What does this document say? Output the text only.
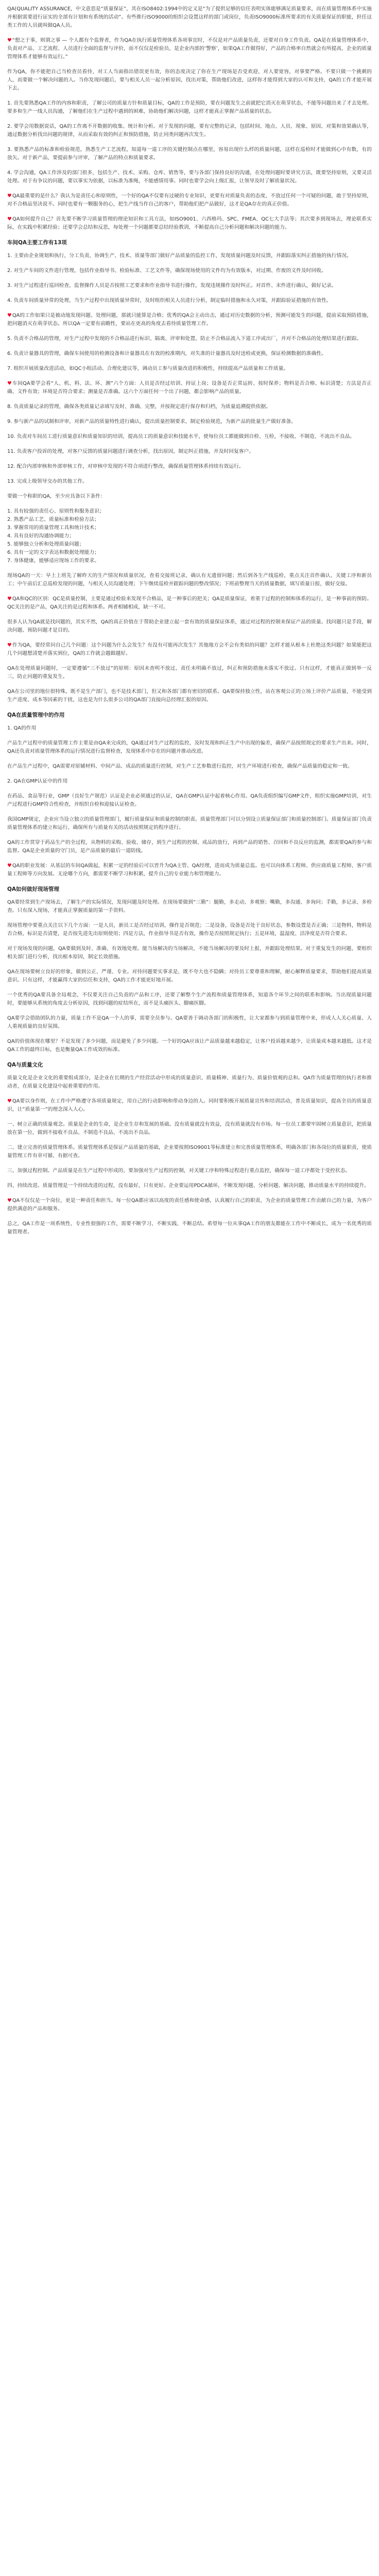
QA(QUALITY ASSURANCE，中文意思是“质量保证”，其在ISO8402:1994中的定义是“为了提供足够的信任表明实体能够满足质量要求，而在质量管理体系中实施并根据需要进行证实的全部有计划和有系统的活动”。有些推行ISO9000的组织会设置这样的部门或岗位，负责ISO9000标准所要求的有关质量保证的职能，担任这类工作的人员就叫做QA人员。

♥“想之于事，则谓之事 — 个人都有个监督者，作为QA在执行质量管理体系各项事宜时，不仅是对产品质量负责，还要对自身工作负责。QA是在质量管理体系中，负责对产品、工艺流程、人员进行全面的监督与评价，而不仅仅是检验员，是企业内部的‘警察’，如果QA工作做得好，产品的合格率自然就会有所提高，企业的质量管理体系才能够有效运行。”

作为QA，你不能把自己当检查员看待，对工人当面指出错误更有效，你的态度决定了你在生产现场是否受欢迎，对人要宽容，对事要严格。不要只做一个挑刺的人，而要做一个解决问题的人。当你发现问题后，要与相关人员一起分析原因，找出对策，帮助他们改进，这样你才能得到大家的认可和支持，QA的工作才能开展下去。

1. 首先要熟悉QA工作的内容和职责，了解公司的质量方针和质量目标，QA的工作是预防，要在问题发生之前就把它消灭在萌芽状态，不能等问题出来了才去处理。要多和生产一线人员沟通，了解他们在生产过程中遇到的困难，协助他们解决问题，这样才能真正掌握产品质量的状态。

2. 要学会用数据说话，QA的工作离不开数据的收集、统计和分析。对于发现的问题，要有完整的记录，包括时间、地点、人员、现象、原因、对策和效果确认等，通过数据分析找出问题的规律，从而采取有效的纠正和预防措施，防止同类问题再次发生。

3. 要熟悉产品的标准和检验规范，熟悉生产工艺流程，知道每一道工序的关键控制点在哪里，容易出现什么样的质量问题，这样在巡检时才能做到心中有数，有的放矢。对于新产品，要提前参与评审，了解产品的特点和质量要求。

4. 学会沟通，QA工作涉及的部门很多，包括生产、技术、采购、仓库、销售等，要与各部门保持良好的沟通，在处理问题时要讲究方法，既要坚持原则，又要灵活处理。对于有争议的问题，要以事实为依据，以标准为准绳，不能感情用事。同时也要学会向上级汇报，让领导及时了解质量状况。

♥QA最重要的是什么？我认为是责任心和原则性，一个好的QA不仅要有过硬的专业知识，更要有对质量负责的态度，不放过任何一个可疑的问题，敢于坚持原则，对不合格品坚决说不。同时也要有一颗服务的心，把生产线当作自己的客户，帮助他们把产品做好，这才是QA存在的真正价值。

♥QA如何提升自己？首先要不断学习质量管理的理论知识和工具方法，如ISO9001、六西格玛、SPC、FMEA、QC七大手法等；其次要多到现场去，理论联系实际，在实践中积累经验；还要学会总结和反思，每处理一个问题都要总结经验教训，不断提高自己分析问题和解决问题的能力。

车间QA主要工作有13项

1. 主要由企业规划和执行，分工负责，协调生产、技术、质量等部门做好产品质量的监控工作，发现质量问题及时反馈，并跟踪落实纠正措施的执行情况。

2. 对生产车间的文件进行管理，包括作业指导书、检验标准、工艺文件等，确保现场使用的文件均为有效版本，对过期、作废的文件及时回收。

3. 对生产过程进行巡回检查，监督操作人员是否按照工艺要求和作业指导书进行操作，发现违规操作及时纠正。对首件、末件进行确认，做好记录。

4. 负责车间质量异常的处理，当生产过程中出现质量异常时，及时组织相关人员进行分析，制定临时措施和永久对策，并跟踪验证措施的有效性。

♥QA的工作如果只是被动地发现问题、处理问题，那就只能算是合格；优秀的QA会主动出击，通过对历史数据的分析，预测可能发生的问题，提前采取预防措施，把问题消灭在萌芽状态。所以QA一定要有前瞻性，要站在更高的角度去看待质量管理工作。

5. 负责不合格品的管理，对生产过程中发现的不合格品进行标识、隔离、评审和处置，防止不合格品流入下道工序或出厂，并对不合格品的处理结果进行跟踪。

6. 负责计量器具的管理，确保车间使用的检测设备和计量器具在有效的校准期内，对失准的计量器具及时送检或更换，保证检测数据的准确性。

7. 组织开展质量改进活动，如QC小组活动、合理化建议等，调动员工参与质量改进的积极性，持续提高产品质量和工作质量。

♥车间QA要学会看“人、机、料、法、环、测”六个方面：人员是否经过培训、持证上岗；设备是否正常运转、按时保养；物料是否合格、标识清楚；方法是否正确、文件有效；环境是否符合要求；测量是否准确。这六个方面任何一个出了问题，都会影响产品的质量。

8. 负责质量记录的管理，确保各类质量记录填写及时、准确、完整，并按规定进行保存和归档，为质量追溯提供依据。

9. 参与新产品的试制和评审，对新产品的质量特性进行确认，提出质量控制要求，制定检验规范，为新产品的批量生产做好准备。

10. 负责对车间员工进行质量意识和质量知识的培训，提高员工的质量意识和技能水平，使每位员工都能做到自检、互检，不接收、不制造、不流出不良品。

11. 负责客户投诉的处理，对客户反馈的质量问题进行调查分析，找出原因，制定纠正措施，并及时回复客户。

12. 配合内部审核和外部审核工作，对审核中发现的不符合项进行整改，确保质量管理体系持续有效运行。

13. 完成上级领导交办的其他工作。

要做一个称职的QA，至少应具备以下条件：

1. 具有较强的责任心、原则性和服务意识；
2. 熟悉产品工艺、质量标准和检验方法；
3. 掌握常用的质量管理工具和统计技术；
4. 具有良好的沟通协调能力；
5. 能够独立分析和处理质量问题；
6. 具有一定的文字表达和数据处理能力；
7. 身体健康，能够适应现场工作的要求。

现场QA的一天：早上上班先了解昨天的生产情况和质量状况，查看交接班记录，确认有无遗留问题；然后到各生产线巡检，重点关注首件确认、关键工序和新员工；中午前后汇总巡检发现的问题，与相关人员沟通处理；下午继续巡检并跟踪问题的整改情况；下班前整理当天的质量数据，填写质量日报，做好交接。

♥QA和QC的区别：QC是质量控制，主要是通过检验来发现不合格品，是一种事后的把关；QA是质量保证，着重于过程的控制和体系的运行，是一种事前的预防。QC关注的是产品，QA关注的是过程和体系。两者相辅相成，缺一不可。

很多人认为QA就是找问题的，其实不然，QA的真正价值在于帮助企业建立起一套有效的质量保证体系，通过对过程的控制来保证产品的质量。找问题只是手段，解决问题、预防问题才是目的。

♥作为QA，要经常问自己几个问题：这个问题为什么会发生？有没有可能再次发生？其他地方会不会有类似的问题？怎样才能从根本上杜绝这类问题？如果能把这几个问题想清楚并落实到位，QA的工作就会越做越好。

QA在处理质量问题时，一定要遵循“三不放过”的原则：原因未查明不放过，责任未明确不放过，纠正和预防措施未落实不放过。只有这样，才能真正做到举一反三，防止问题的重复发生。

QA在公司里的地位很特殊，既不是生产部门，也不是技术部门，但又和各部门都有密切的联系。QA要保持独立性，站在客观公正的立场上评价产品质量，不能受到生产进度、成本等因素的干扰，这也是为什么很多公司的QA部门直接向总经理汇报的原因。

QA在质量管理中的作用

1. QA的作用

产品生产过程中的质量管理工作主要是由QA来完成的，QA通过对生产过程的监控，及时发现和纠正生产中出现的偏差，确保产品按照规定的要求生产出来。同时，QA还负责对质量管理体系的运行情况进行监督检查，发现体系中存在的问题并推动改进。

在产品生产过程中，QA需要对原辅材料、中间产品、成品的质量进行控制，对生产工艺参数进行监控，对生产环境进行检查，确保产品质量的稳定和一致。

2. QA在GMP认证中的作用

在药品、食品等行业，GMP（良好生产规范）认证是企业必须通过的认证，QA在GMP认证中起着核心作用。QA负责组织编写GMP文件，组织实施GMP培训，对生产过程进行GMP符合性检查，并组织自检和迎接认证检查。

我国GMP规定，企业应当设立独立的质量管理部门，履行质量保证和质量控制的职责。质量管理部门可以分别设立质量保证部门和质量控制部门。质量保证部门负责质量管理体系的建立和运行，确保所有与质量有关的活动按照规定的程序进行。

QA的工作贯穿于药品生产的全过程，从物料的采购、验收、储存，到生产过程的控制、成品的放行，再到产品的销售、召回和不良反应的监测，都需要QA的参与和监督。QA是企业质量的守门员，是产品质量的最后一道防线。

♥QA的职业发展：从基层的车间QA做起，积累一定的经验后可以晋升为QA主管、QA经理，进而成为质量总监。也可以向体系工程师、供应商质量工程师、客户质量工程师等方向发展。无论哪个方向，都需要不断学习和积累，提升自己的专业能力和管理能力。

QA如何做好现场管理

QA要经常到生产现场去，了解生产的实际情况，发现问题及时处理。在现场要做到“三勤”：腿勤，多走动、多观察；嘴勤，多沟通、多询问；手勤，多记录、多检查。只有深入现场，才能真正掌握质量的第一手资料。

现场管理中要重点关注以下几个方面：一是人员，新员工是否经过培训，操作是否规范；二是设备，设备是否处于良好状态，参数设置是否正确；三是物料，物料是否合格，标识是否清楚，是否按先进先出原则使用；四是方法，作业指导书是否有效，操作是否按照规定执行；五是环境，温湿度、洁净度是否符合要求。

对于现场发现的问题，QA要做到及时、准确、有效地处理。能当场解决的当场解决，不能当场解决的要及时上报，并跟踪处理结果。对于重复发生的问题，要组织相关部门进行分析，找出根本原因，制定长效措施。

QA在现场要树立良好的形象，做到公正、严谨、专业。对待问题要实事求是，既不夸大也不隐瞒；对待员工要尊重和理解，耐心解释质量要求，帮助他们提高质量意识。只有这样，才能赢得大家的信任和支持，QA的工作才能更好地开展。

一个优秀的QA要具备全局观念，不仅要关注自己负责的产品和工序，还要了解整个生产流程和质量管理体系，知道各个环节之间的联系和影响。当出现质量问题时，要能够从系统的角度去分析原因，找到问题的症结所在，而不是头痛医头、脚痛医脚。

QA要学会借助团队的力量，质量工作不是QA一个人的事，需要全员参与。QA要善于调动各部门的积极性，让大家都参与到质量管理中来，形成人人关心质量、人人重视质量的良好氛围。

QA的价值体现在哪里？不是发现了多少问题，而是避免了多少问题。一个好的QA应该让产品质量越来越稳定，让客户投诉越来越少，让质量成本越来越低。这才是QA工作的最终目标，也是衡量QA工作成效的标准。

QA与质量文化

质量文化是企业文化的重要组成部分，是企业在长期的生产经营活动中形成的质量意识、质量精神、质量行为、质量价值观的总和。QA作为质量管理的执行者和推动者，在质量文化建设中起着重要的作用。

♥QA要以身作则，在工作中严格遵守各项质量规定，用自己的行动影响和带动身边的人。同时要积极开展质量宣传和培训活动，普及质量知识，提高全员的质量意识，让“质量第一”的理念深入人心。

一、树立正确的质量观念。质量是企业的生命，是企业生存和发展的基础。没有质量就没有效益，没有质量就没有市场。每一位员工都要牢固树立质量意识，把质量放在第一位，做到不接收不良品、不制造不良品、不流出不良品。

二、建立完善的质量管理体系。质量管理体系是保证产品质量的基础，企业要按照ISO9001等标准建立和完善质量管理体系，明确各部门和各岗位的质量职责，使质量管理工作有章可循、有据可查。

三、加强过程控制。产品质量是在生产过程中形成的，要加强对生产过程的控制，对关键工序和特殊过程进行重点监控，确保每一道工序都处于受控状态。

四、持续改进。质量管理是一个持续改进的过程，没有最好，只有更好。企业要运用PDCA循环，不断发现问题、分析问题、解决问题，推动质量水平的持续提升。

♥QA不仅仅是一个岗位，更是一种责任和担当。每一位QA都应该以高度的责任感和使命感，认真履行自己的职责，为企业的质量管理工作贡献自己的力量，为客户提供满意的产品和服务。

总之，QA工作是一项系统性、专业性很强的工作，需要不断学习、不断实践、不断总结。希望每一位从事QA工作的朋友都能在工作中不断成长，成为一名优秀的质量管理者。
